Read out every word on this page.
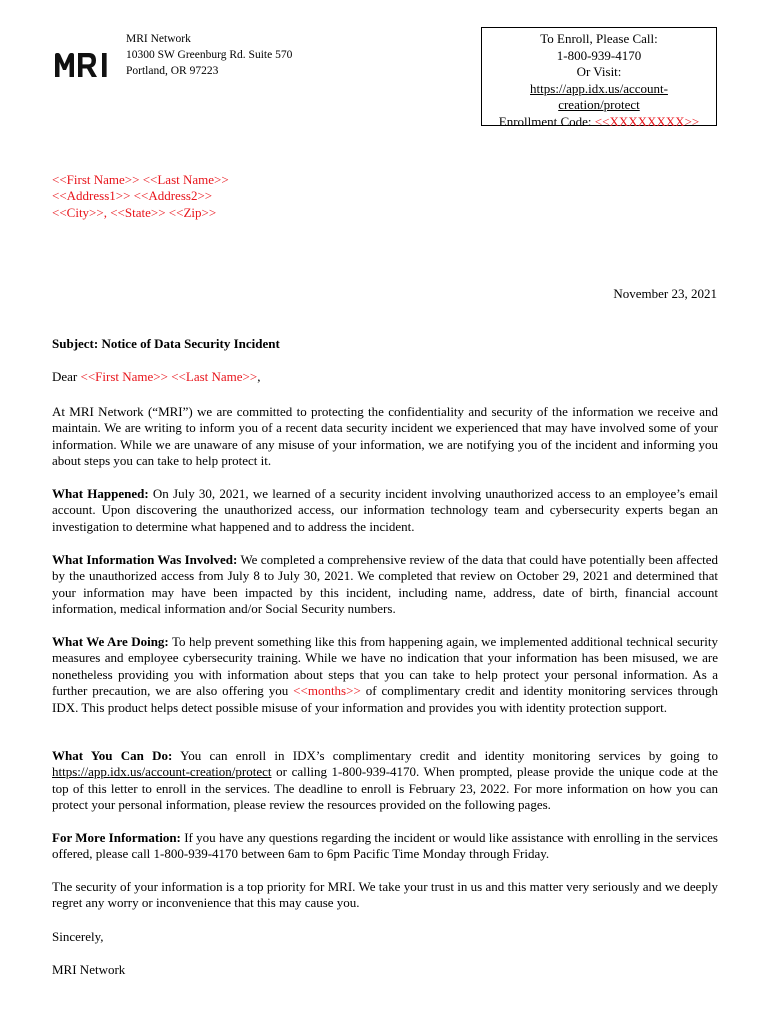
MRI Network
10300 SW Greenburg Rd. Suite 570
Portland, OR 97223
To Enroll, Please Call:
1-800-939-4170
Or Visit:
https://app.idx.us/account-
creation/protect
Enrollment Code: <<XXXXXXXX>>
<<First Name>> <<Last Name>>
<<Address1>> <<Address2>>
<<City>>, <<State>> <<Zip>>
November 23, 2021
Subject: Notice of Data Security Incident
Dear <<First Name>> <<Last Name>>,
At MRI Network (“MRI”) we are committed to protecting the confidentiality and security of the information we receive and maintain. We are writing to inform you of a recent data security incident we experienced that may have involved some of your information. While we are unaware of any misuse of your information, we are notifying you of the incident and informing you about steps you can take to help protect it.
What Happened: On July 30, 2021, we learned of a security incident involving unauthorized access to an employee’s email account. Upon discovering the unauthorized access, our information technology team and cybersecurity experts began an investigation to determine what happened and to address the incident.
What Information Was Involved: We completed a comprehensive review of the data that could have potentially been affected by the unauthorized access from July 8 to July 30, 2021. We completed that review on October 29, 2021 and determined that your information may have been impacted by this incident, including name, address, date of birth, financial account information, medical information and/or Social Security numbers.
What We Are Doing: To help prevent something like this from happening again, we implemented additional technical security measures and employee cybersecurity training. While we have no indication that your information has been misused, we are nonetheless providing you with information about steps that you can take to help protect your personal information. As a further precaution, we are also offering you <<months>> of complimentary credit and identity monitoring services through IDX. This product helps detect possible misuse of your information and provides you with identity protection support.
What You Can Do: You can enroll in IDX’s complimentary credit and identity monitoring services by going to https://app.idx.us/account-creation/protect or calling 1-800-939-4170. When prompted, please provide the unique code at the top of this letter to enroll in the services. The deadline to enroll is February 23, 2022. For more information on how you can protect your personal information, please review the resources provided on the following pages.
For More Information: If you have any questions regarding the incident or would like assistance with enrolling in the services offered, please call 1-800-939-4170 between 6am to 6pm Pacific Time Monday through Friday.
The security of your information is a top priority for MRI. We take your trust in us and this matter very seriously and we deeply regret any worry or inconvenience that this may cause you.
Sincerely,
MRI Network
